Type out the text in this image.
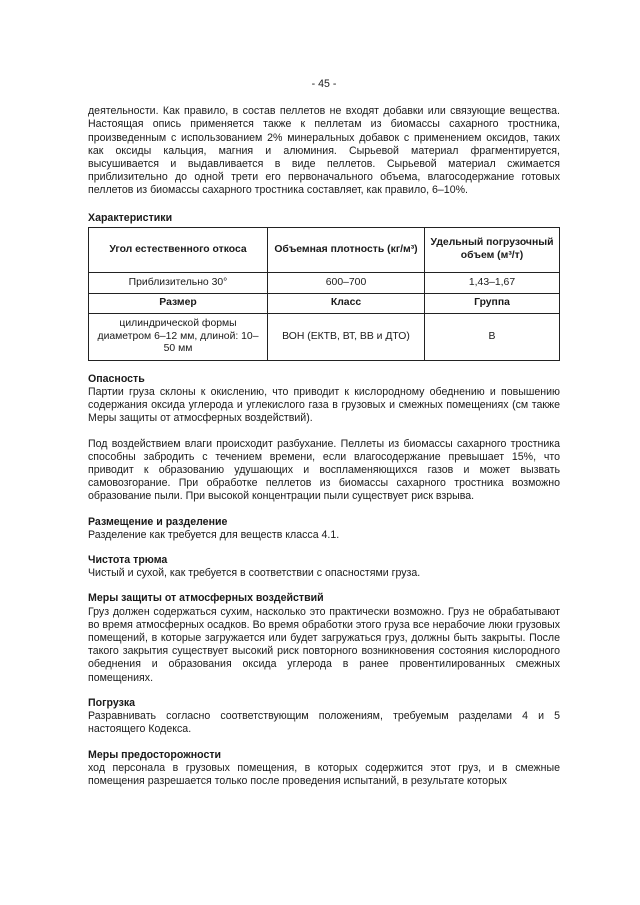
- 45 -

деятельности. Как правило, в состав пеллетов не входят добавки или связующие вещества. Настоящая опись применяется также к пеллетам из биомассы сахарного тростника, произведенным с использованием 2% минеральных добавок с применением оксидов, таких как оксиды кальция, магния и алюминия. Сырьевой материал фрагментируется, высушивается и выдавливается в виде пеллетов. Сырьевой материал сжимается приблизительно до одной трети его первоначального объема, влагосодержание готовых пеллетов из биомассы сахарного тростника составляет, как правило, 6–10%.

Характеристики
Угол естественного откоса	Объемная плотность (кг/м³)	Удельный погрузочный объем (м³/т)
Приблизительно 30°	600–700	1,43–1,67
Размер	Класс	Группа
цилиндрической формы диаметром 6–12 мм, длиной: 10–50 мм	ВОН (ЕКТВ, ВТ, ВВ и ДТО)	B
Опасность

Партии груза склоны к окислению, что приводит к кислородному обеднению и повышению содержания оксида углерода и углекислого газа в грузовых и смежных помещениях (см также Меры защиты от атмосферных воздействий).

Под воздействием влаги происходит разбухание. Пеллеты из биомассы сахарного тростника способны забродить с течением времени, если влагосодержание превышает 15%, что приводит к образованию удушающих и воспламеняющихся газов и может вызвать самовозгорание. При обработке пеллетов из биомассы сахарного тростника возможно образование пыли. При высокой концентрации пыли существует риск взрыва.

Размещение и разделение

Разделение как требуется для веществ класса 4.1.

Чистота трюма

Чистый и сухой, как требуется в соответствии с опасностями груза.

Меры защиты от атмосферных воздействий

Груз должен содержаться сухим, насколько это практически возможно. Груз не обрабатывают во время атмосферных осадков. Во время обработки этого груза все нерабочие люки грузовых помещений, в которые загружается или будет загружаться груз, должны быть закрыты. После такого закрытия существует высокий риск повторного возникновения состояния кислородного обеднения и образования оксида углерода в ранее провентилированных смежных помещениях.

Погрузка

Разравнивать согласно соответствующим положениям, требуемым разделами 4 и 5 настоящего Кодекса.

Меры предосторожности

ход персонала в грузовых помещения, в которых содержится этот груз, и в смежные помещения разрешается только после проведения испытаний, в результате которых
